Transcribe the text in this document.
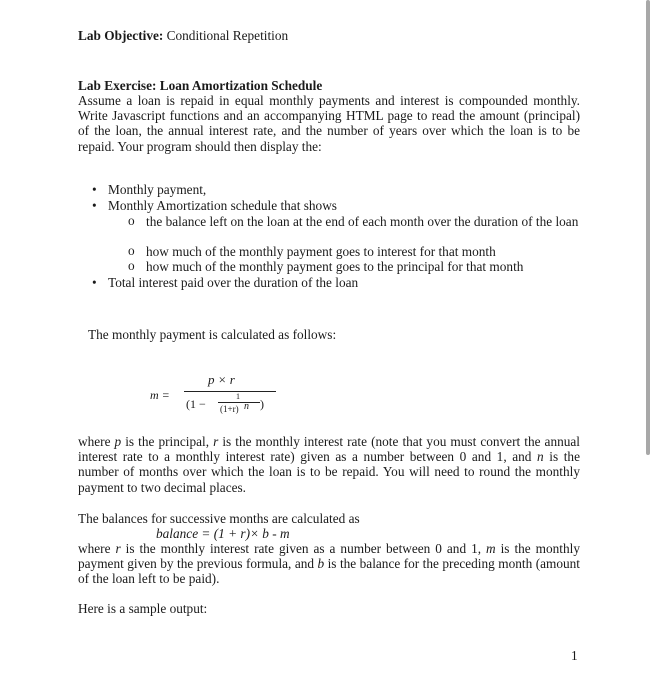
Lab Objective: Conditional Repetition
Lab Exercise: Loan Amortization Schedule
Assume a loan is repaid in equal monthly payments and interest is compounded monthly. Write Javascript functions and an accompanying HTML page to read the amount (principal) of the loan, the annual interest rate, and the number of years over which the loan is to be repaid. Your program should then display the:
Monthly payment,
Monthly Amortization schedule that shows
the balance left on the loan at the end of each month over the duration of the loan
how much of the monthly payment goes to interest for that month
how much of the monthly payment goes to the principal for that month
Total interest paid over the duration of the loan
The monthly payment is calculated as follows:
m =
p × r
(1 −
1
(1+r) n )
where p is the principal, r is the monthly interest rate (note that you must convert the annual interest rate to a monthly interest rate) given as a number between 0 and 1, and n is the number of months over which the loan is to be repaid. You will need to round the monthly payment to two decimal places.
The balances for successive months are calculated as
balance = (1 + r)× b - m
where r is the monthly interest rate given as a number between 0 and 1, m is the monthly payment given by the previous formula, and b is the balance for the preceding month (amount of the loan left to be paid).
Here is a sample output:
1
